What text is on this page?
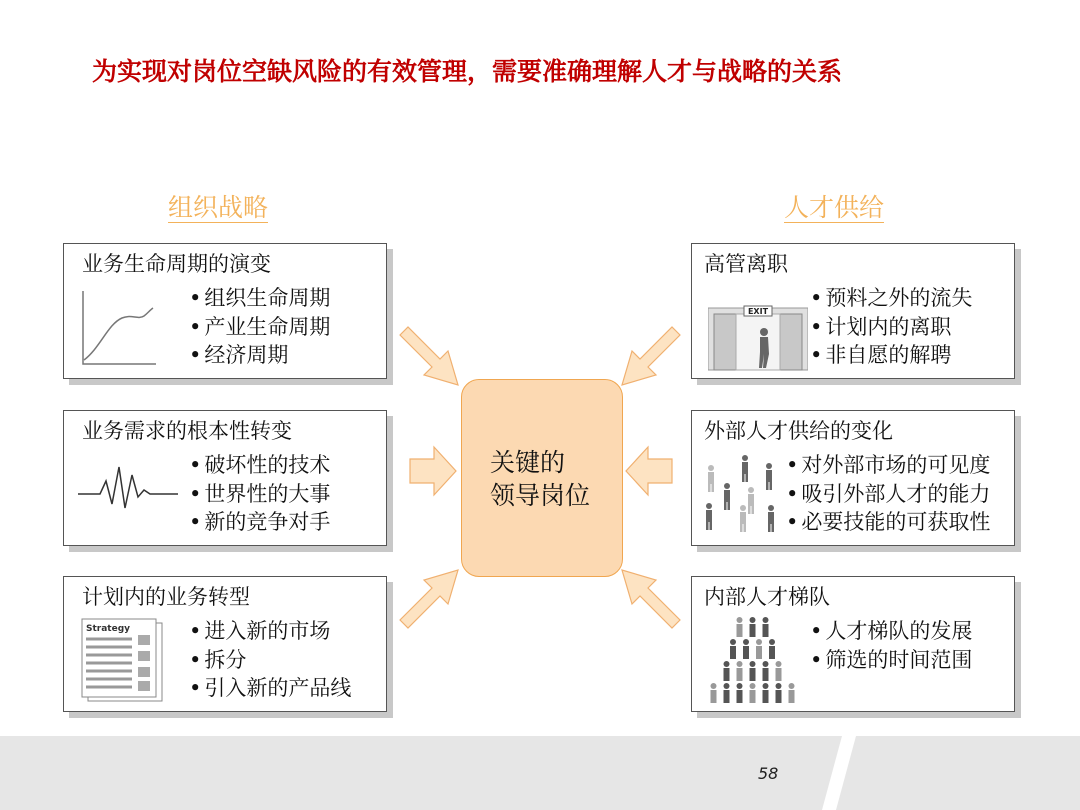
为实现对岗位空缺风险的有效管理，需要准确理解人才与战略的关系
组织战略	人才供给
业务生命周期的演变
• 组织生命周期
• 产业生命周期
• 经济周期
业务需求的根本性转变
• 破坏性的技术
• 世界性的大事
• 新的竞争对手
计划内的业务转型
Strategy
•	进入新的市场
• 拆分
• 引入新的产品线
高管离职
EXIT
• 预料之外的流失
• 计划内的离职
• 非自愿的解聘
外部人才供给的变化
• 对外部市场的可见度
• 吸引外部人才的能力
• 必要技能的可获取性
内部人才梯队
• 人才梯队的发展
• 筛选的时间范围
关键的
领导岗位
58
